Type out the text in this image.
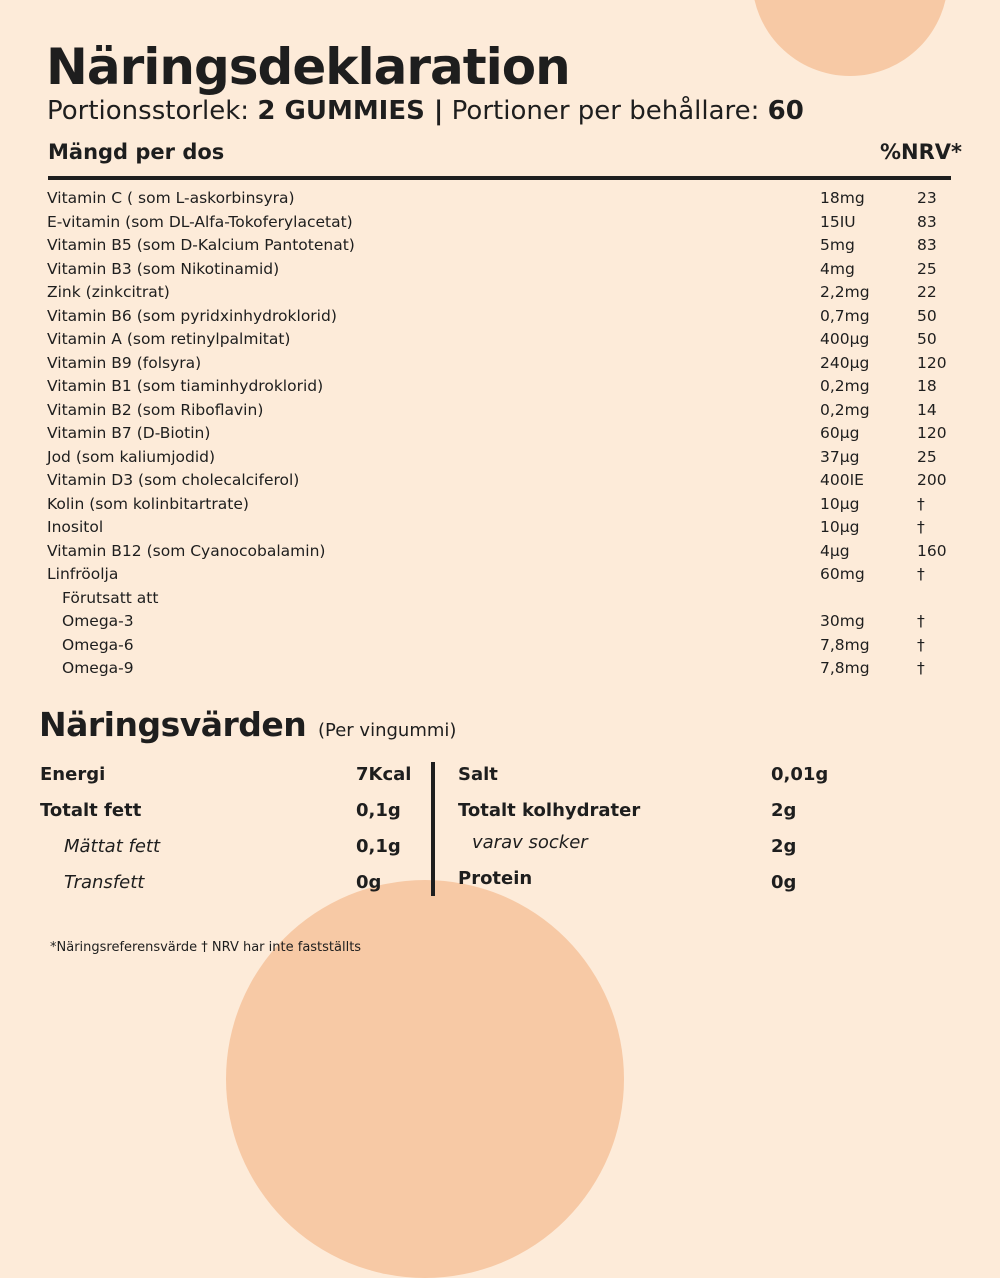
Näringsdeklaration
Portionsstorlek: 2 GUMMIES | Portioner per behållare: 60
Mängd per dos	%NRV*
Vitamin C ( som L-askorbinsyra)	18mg	23
E-vitamin (som DL-Alfa-Tokoferylacetat)	15IU	83
Vitamin B5 (som D-Kalcium Pantotenat)	5mg	83
Vitamin B3 (som Nikotinamid)	4mg	25
Zink (zinkcitrat)	2,2mg	22
Vitamin B6 (som pyridxinhydroklorid)	0,7mg	50
Vitamin A (som retinylpalmitat)	400µg	50
Vitamin B9 (folsyra)	240µg	120
Vitamin B1 (som tiaminhydroklorid)	0,2mg	18
Vitamin B2 (som Riboflavin)	0,2mg	14
Vitamin B7 (D-Biotin)	60µg	120
Jod (som kaliumjodid)	37µg	25
Vitamin D3 (som cholecalciferol)	400IE	200
Kolin (som kolinbitartrate)	10µg	†
Inositol	10µg	†
Vitamin B12 (som Cyanocobalamin)	4µg	160
Linfröolja	60mg	†
Förutsatt att
Omega-3	30mg	†
Omega-6	7,8mg	†
Omega-9	7,8mg	†
Näringsvärden (Per vingummi)
Energi	7Kcal	Salt	0,01g
Totalt fett	0,1g	Totalt kolhydrater	2g
Mättat fett	0,1g	varav socker	2g
Transfett	0g	Protein	0g
*Näringsreferensvärde † NRV har inte fastställts
